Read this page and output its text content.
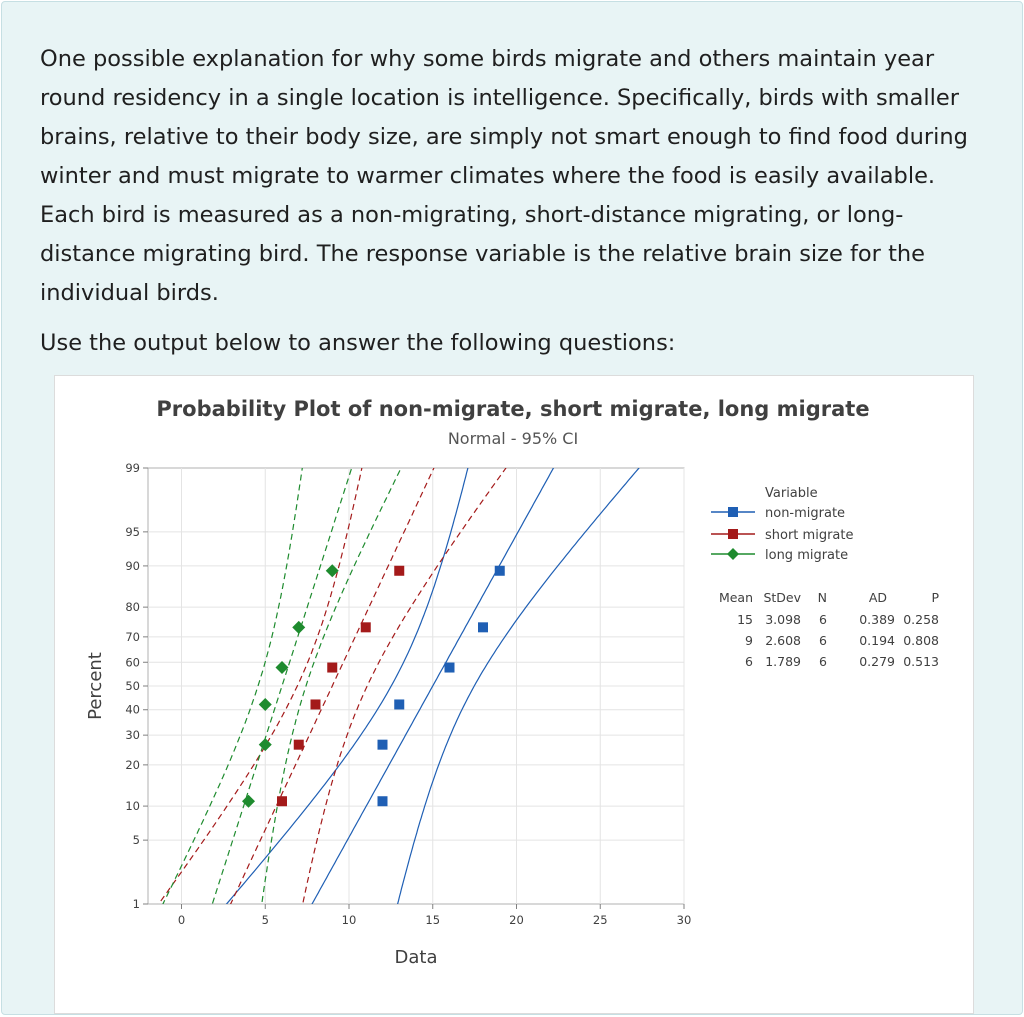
One possible explanation for why some birds migrate and others maintain year round residency in a single location is intelligence. Specifically, birds with smaller brains, relative to their body size, are simply not smart enough to find food during winter and must migrate to warmer climates where the food is easily available. Each bird is measured as a non-migrating, short-distance migrating, or long-distance migrating bird. The response variable is the relative brain size for the individual birds.
Use the output below to answer the following questions:
Probability Plot of non-migrate, short migrate, long migrate
Normal - 95% CI
1
5
10
20
30
40
50
60
70
80
90
95
99
0	5	10	15	20	25	30
Data
Percent
Variable
non-migrate
short migrate
long migrate
Mean StDev N	AD	P
15 3.098 6	0.389 0.258
9 2.608 6	0.194 0.808
6 1.789 6	0.279 0.513
